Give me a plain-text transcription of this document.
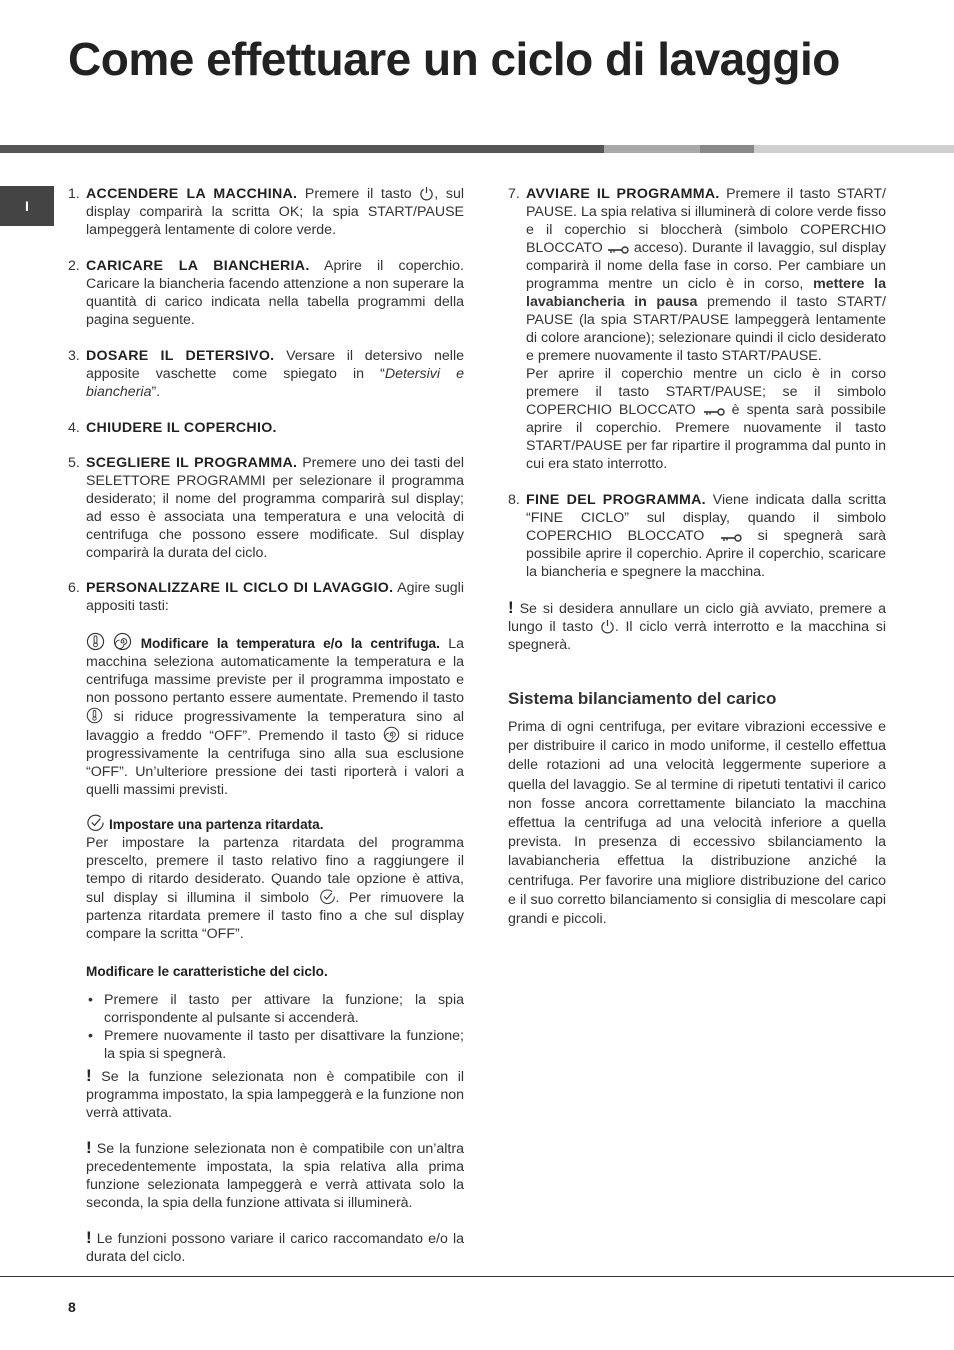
Come effettuare un ciclo di lavaggio
I
1. ACCENDERE LA MACCHINA. Premere il tasto , sul display comparirà la scritta OK; la spia START/PAUSE lampeggerà lentamente di colore verde.
2. CARICARE LA BIANCHERIA. Aprire il coperchio. Caricare la biancheria facendo attenzione a non superare la quantità di carico indicata nella tabella programmi della pagina seguente.
3. DOSARE IL DETERSIVO. Versare il detersivo nelle apposite vaschette come spiegato in “Detersivi e biancheria”.
4. CHIUDERE IL COPERCHIO.
5. SCEGLIERE IL PROGRAMMA. Premere uno dei tasti del SELETTORE PROGRAMMI per selezionare il programma desiderato; il nome del programma comparirà sul display; ad esso è associata una temperatura e una velocità di centrifuga che possono essere modificate. Sul display comparirà la durata del ciclo.
6. PERSONALIZZARE IL CICLO DI LAVAGGIO. Agire sugli appositi tasti:
Modificare la temperatura e/o la centrifuga. La macchina seleziona automaticamente la temperatura e la centrifuga massime previste per il programma impostato e non possono pertanto essere aumentate. Premendo il tasto  si riduce progressivamente la temperatura sino al lavaggio a freddo “OFF”. Premendo il tasto  si riduce progressivamente la centrifuga sino alla sua esclusione “OFF”. Un’ulteriore pressione dei tasti riporterà i valori a quelli massimi previsti.
Impostare una partenza ritardata.
Per impostare la partenza ritardata del programma prescelto, premere il tasto relativo fino a raggiungere il tempo di ritardo desiderato. Quando tale opzione è attiva, sul display si illumina il simbolo . Per rimuovere la partenza ritardata premere il tasto fino a che sul display compare la scritta “OFF”.
Modificare le caratteristiche del ciclo.
• Premere il tasto per attivare la funzione; la spia corrispondente al pulsante si accenderà.
• Premere nuovamente il tasto per disattivare la funzione; la spia si spegnerà.
! Se la funzione selezionata non è compatibile con il programma impostato, la spia lampeggerà e la funzione non verrà attivata.
! Se la funzione selezionata non è compatibile con un’altra precedentemente impostata, la spia relativa alla prima funzione selezionata lampeggerà e verrà attivata solo la seconda, la spia della funzione attivata si illuminerà.
! Le funzioni possono variare il carico raccomandato e/o la durata del ciclo.
7. AVVIARE IL PROGRAMMA. Premere il tasto START/ PAUSE. La spia relativa si illuminerà di colore verde fisso e il coperchio si bloccherà (simbolo COPERCHIO BLOCCATO  acceso). Durante il lavaggio, sul display comparirà il nome della fase in corso. Per cambiare un programma mentre un ciclo è in corso, mettere la lavabiancheria in pausa premendo il tasto START/ PAUSE (la spia START/PAUSE lampeggerà lentamente di colore arancione); selezionare quindi il ciclo desiderato e premere nuovamente il tasto START/PAUSE.
Per aprire il coperchio mentre un ciclo è in corso premere il tasto START/PAUSE; se il simbolo COPERCHIO BLOCCATO  è spenta sarà possibile aprire il coperchio. Premere nuovamente il tasto START/PAUSE per far ripartire il programma dal punto in cui era stato interrotto.
8. FINE DEL PROGRAMMA. Viene indicata dalla scritta “FINE CICLO” sul display, quando il simbolo COPERCHIO BLOCCATO  si spegnerà sarà possibile aprire il coperchio. Aprire il coperchio, scaricare la biancheria e spegnere la macchina.
! Se si desidera annullare un ciclo già avviato, premere a lungo il tasto . Il ciclo verrà interrotto e la macchina si spegnerà.
Sistema bilanciamento del carico
Prima di ogni centrifuga, per evitare vibrazioni eccessive e per distribuire il carico in modo uniforme, il cestello effettua delle rotazioni ad una velocità leggermente superiore a quella del lavaggio. Se al termine di ripetuti tentativi il carico non fosse ancora correttamente bilanciato la macchina effettua la centrifuga ad una velocità inferiore a quella prevista. In presenza di eccessivo sbilanciamento la lavabiancheria effettua la distribuzione anziché la centrifuga. Per favorire una migliore distribuzione del carico e il suo corretto bilanciamento si consiglia di mescolare capi grandi e piccoli.
8
